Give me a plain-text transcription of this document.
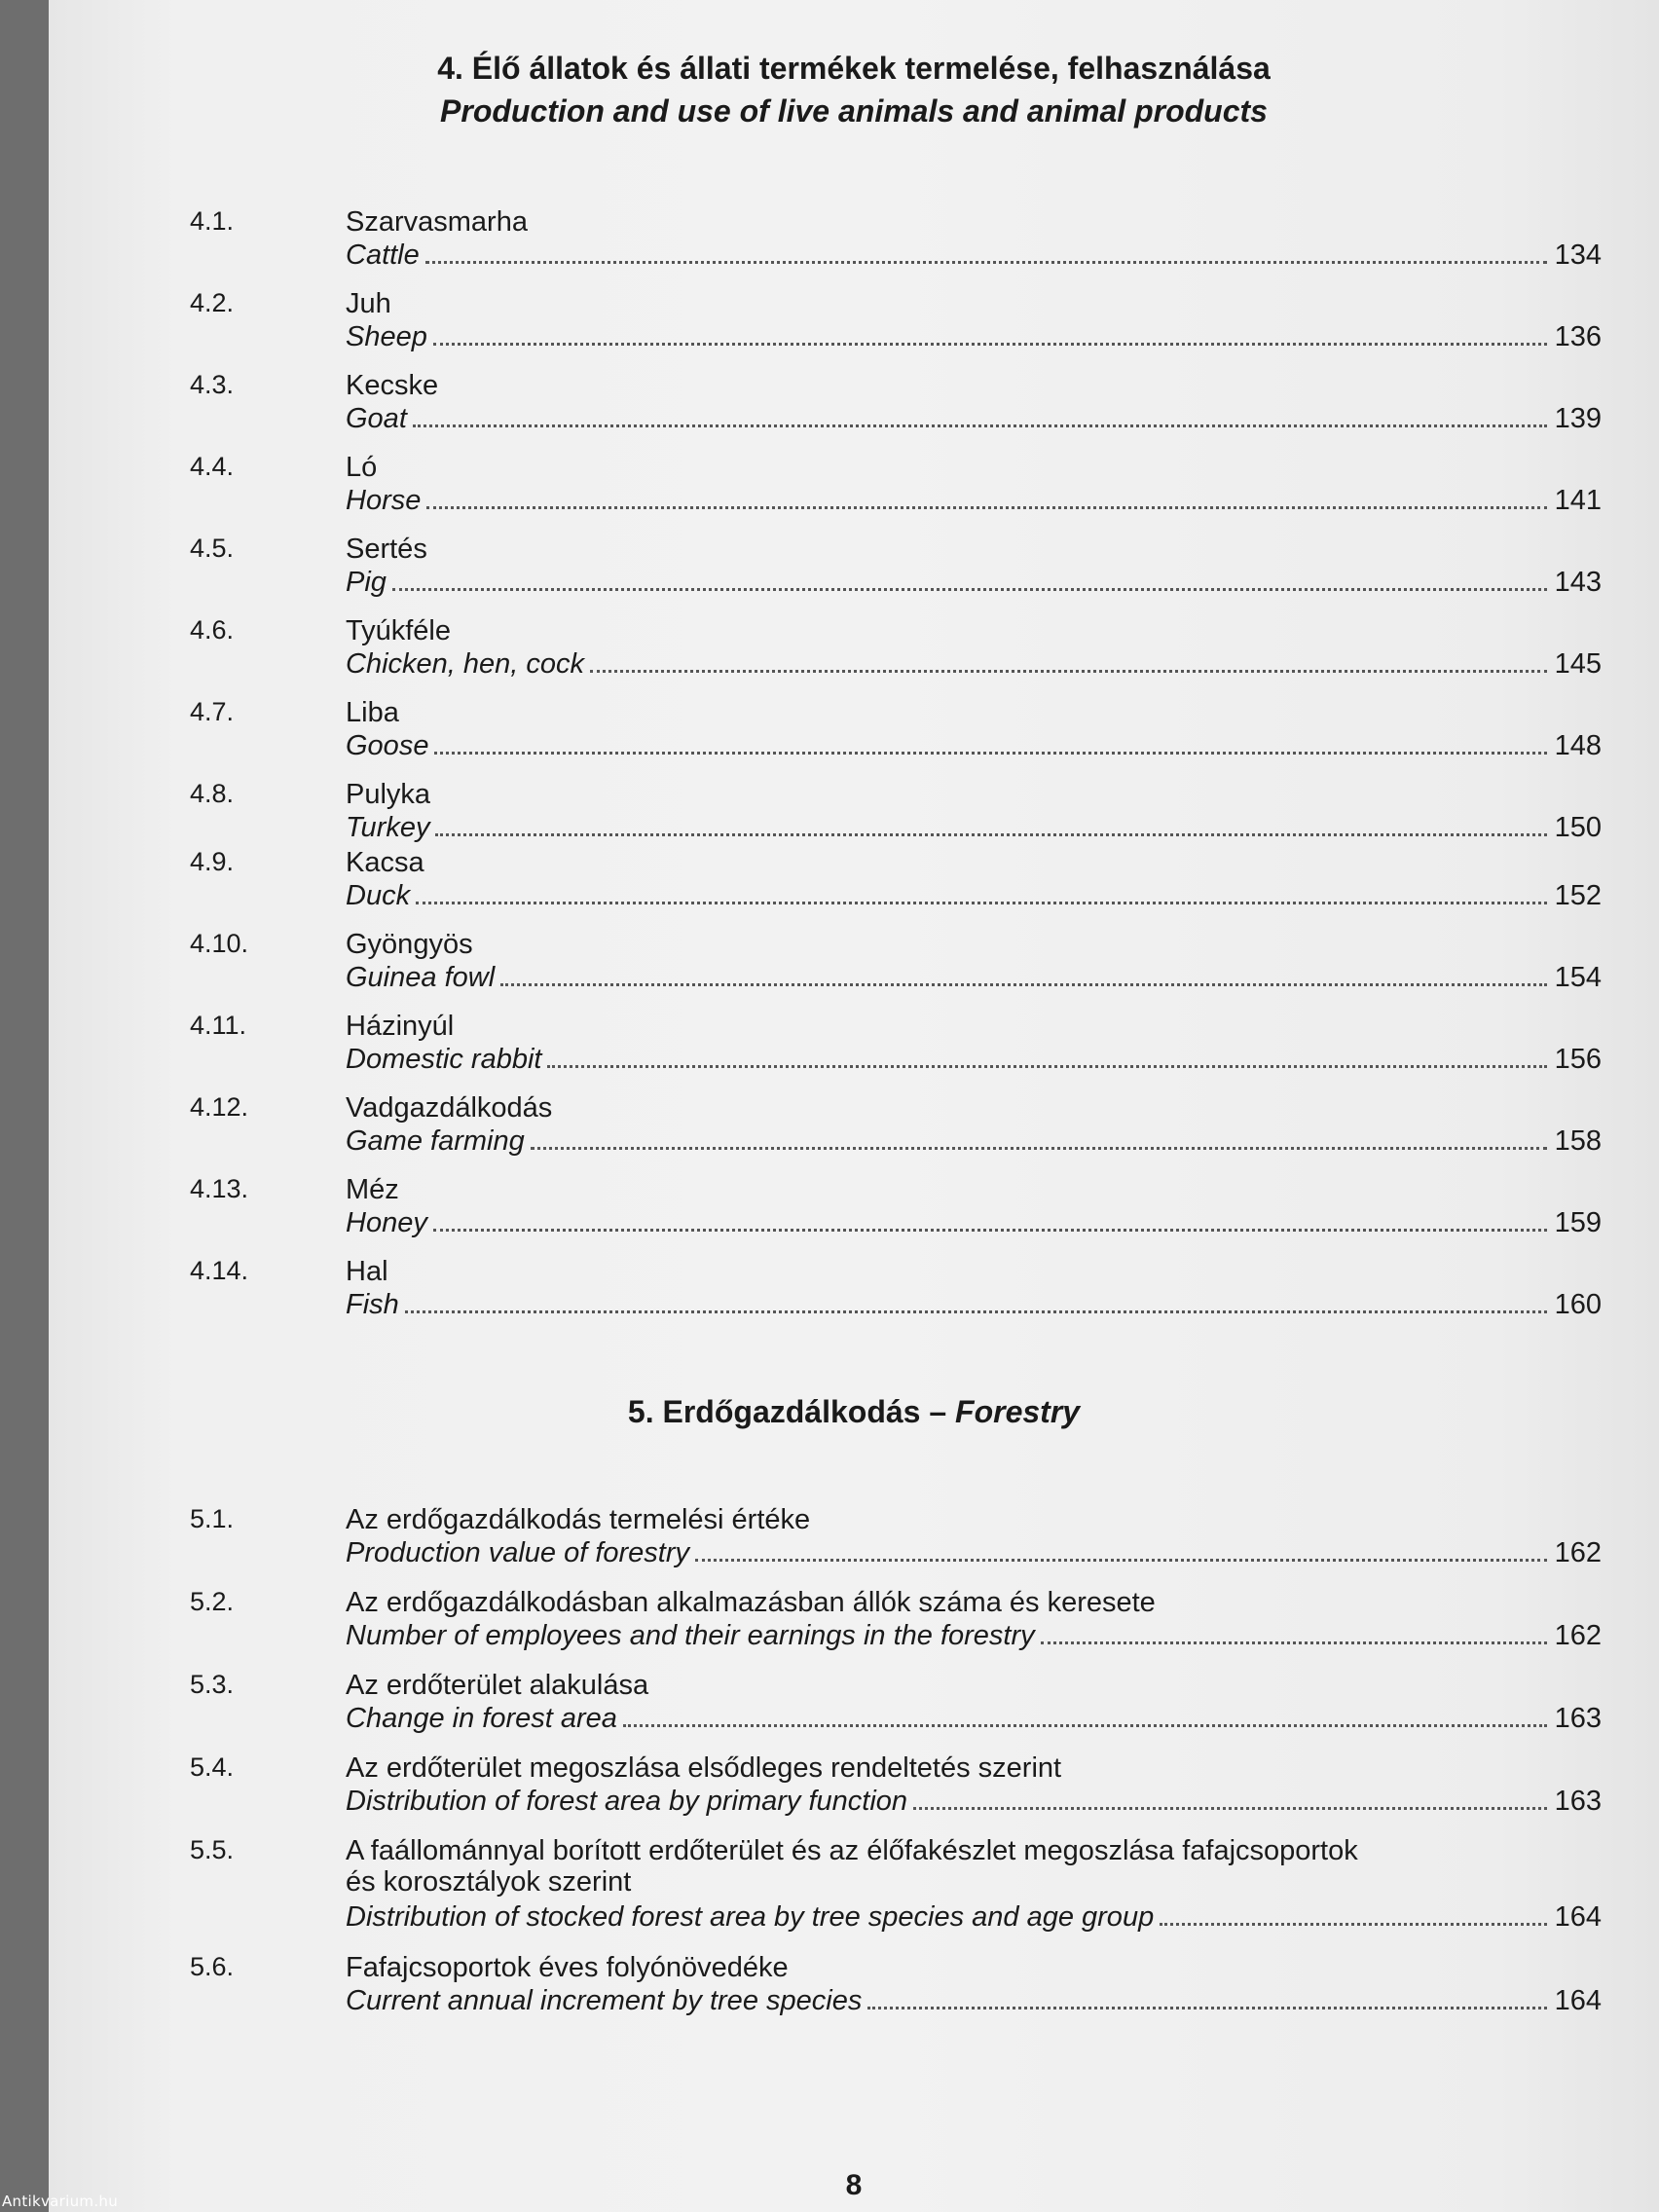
4. Élő állatok és állati termékek termelése, felhasználása
Production and use of live animals and animal products
4.1.	Szarvasmarha
Cattle	134
4.2.	Juh
Sheep	136
4.3.	Kecske
Goat	139
4.4.	Ló
Horse	141
4.5.	Sertés
Pig	143
4.6.	Tyúkféle
Chicken, hen, cock	145
4.7.	Liba
Goose	148
4.8.	Pulyka
Turkey	150
4.9.	Kacsa
Duck	152
4.10.	Gyöngyös
Guinea fowl	154
4.11.	Házinyúl
Domestic rabbit	156
4.12.	Vadgazdálkodás
Game farming	158
4.13.	Méz
Honey	159
4.14.	Hal
Fish	160
5. Erdőgazdálkodás – Forestry
5.1.	Az erdőgazdálkodás termelési értéke
Production value of forestry	162
5.2.	Az erdőgazdálkodásban alkalmazásban állók száma és keresete
Number of employees and their earnings in the forestry	162
5.3.	Az erdőterület alakulása
Change in forest area	163
5.4.	Az erdőterület megoszlása elsődleges rendeltetés szerint
Distribution of forest area by primary function	163
5.5.	A faállománnyal borított erdőterület és az élőfakészlet megoszlása fafajcsoportok
és korosztályok szerint
Distribution of stocked forest area by tree species and age group	164
5.6.	Fafajcsoportok éves folyónövedéke
Current annual increment by tree species	164
8
Antikvarium.hu
